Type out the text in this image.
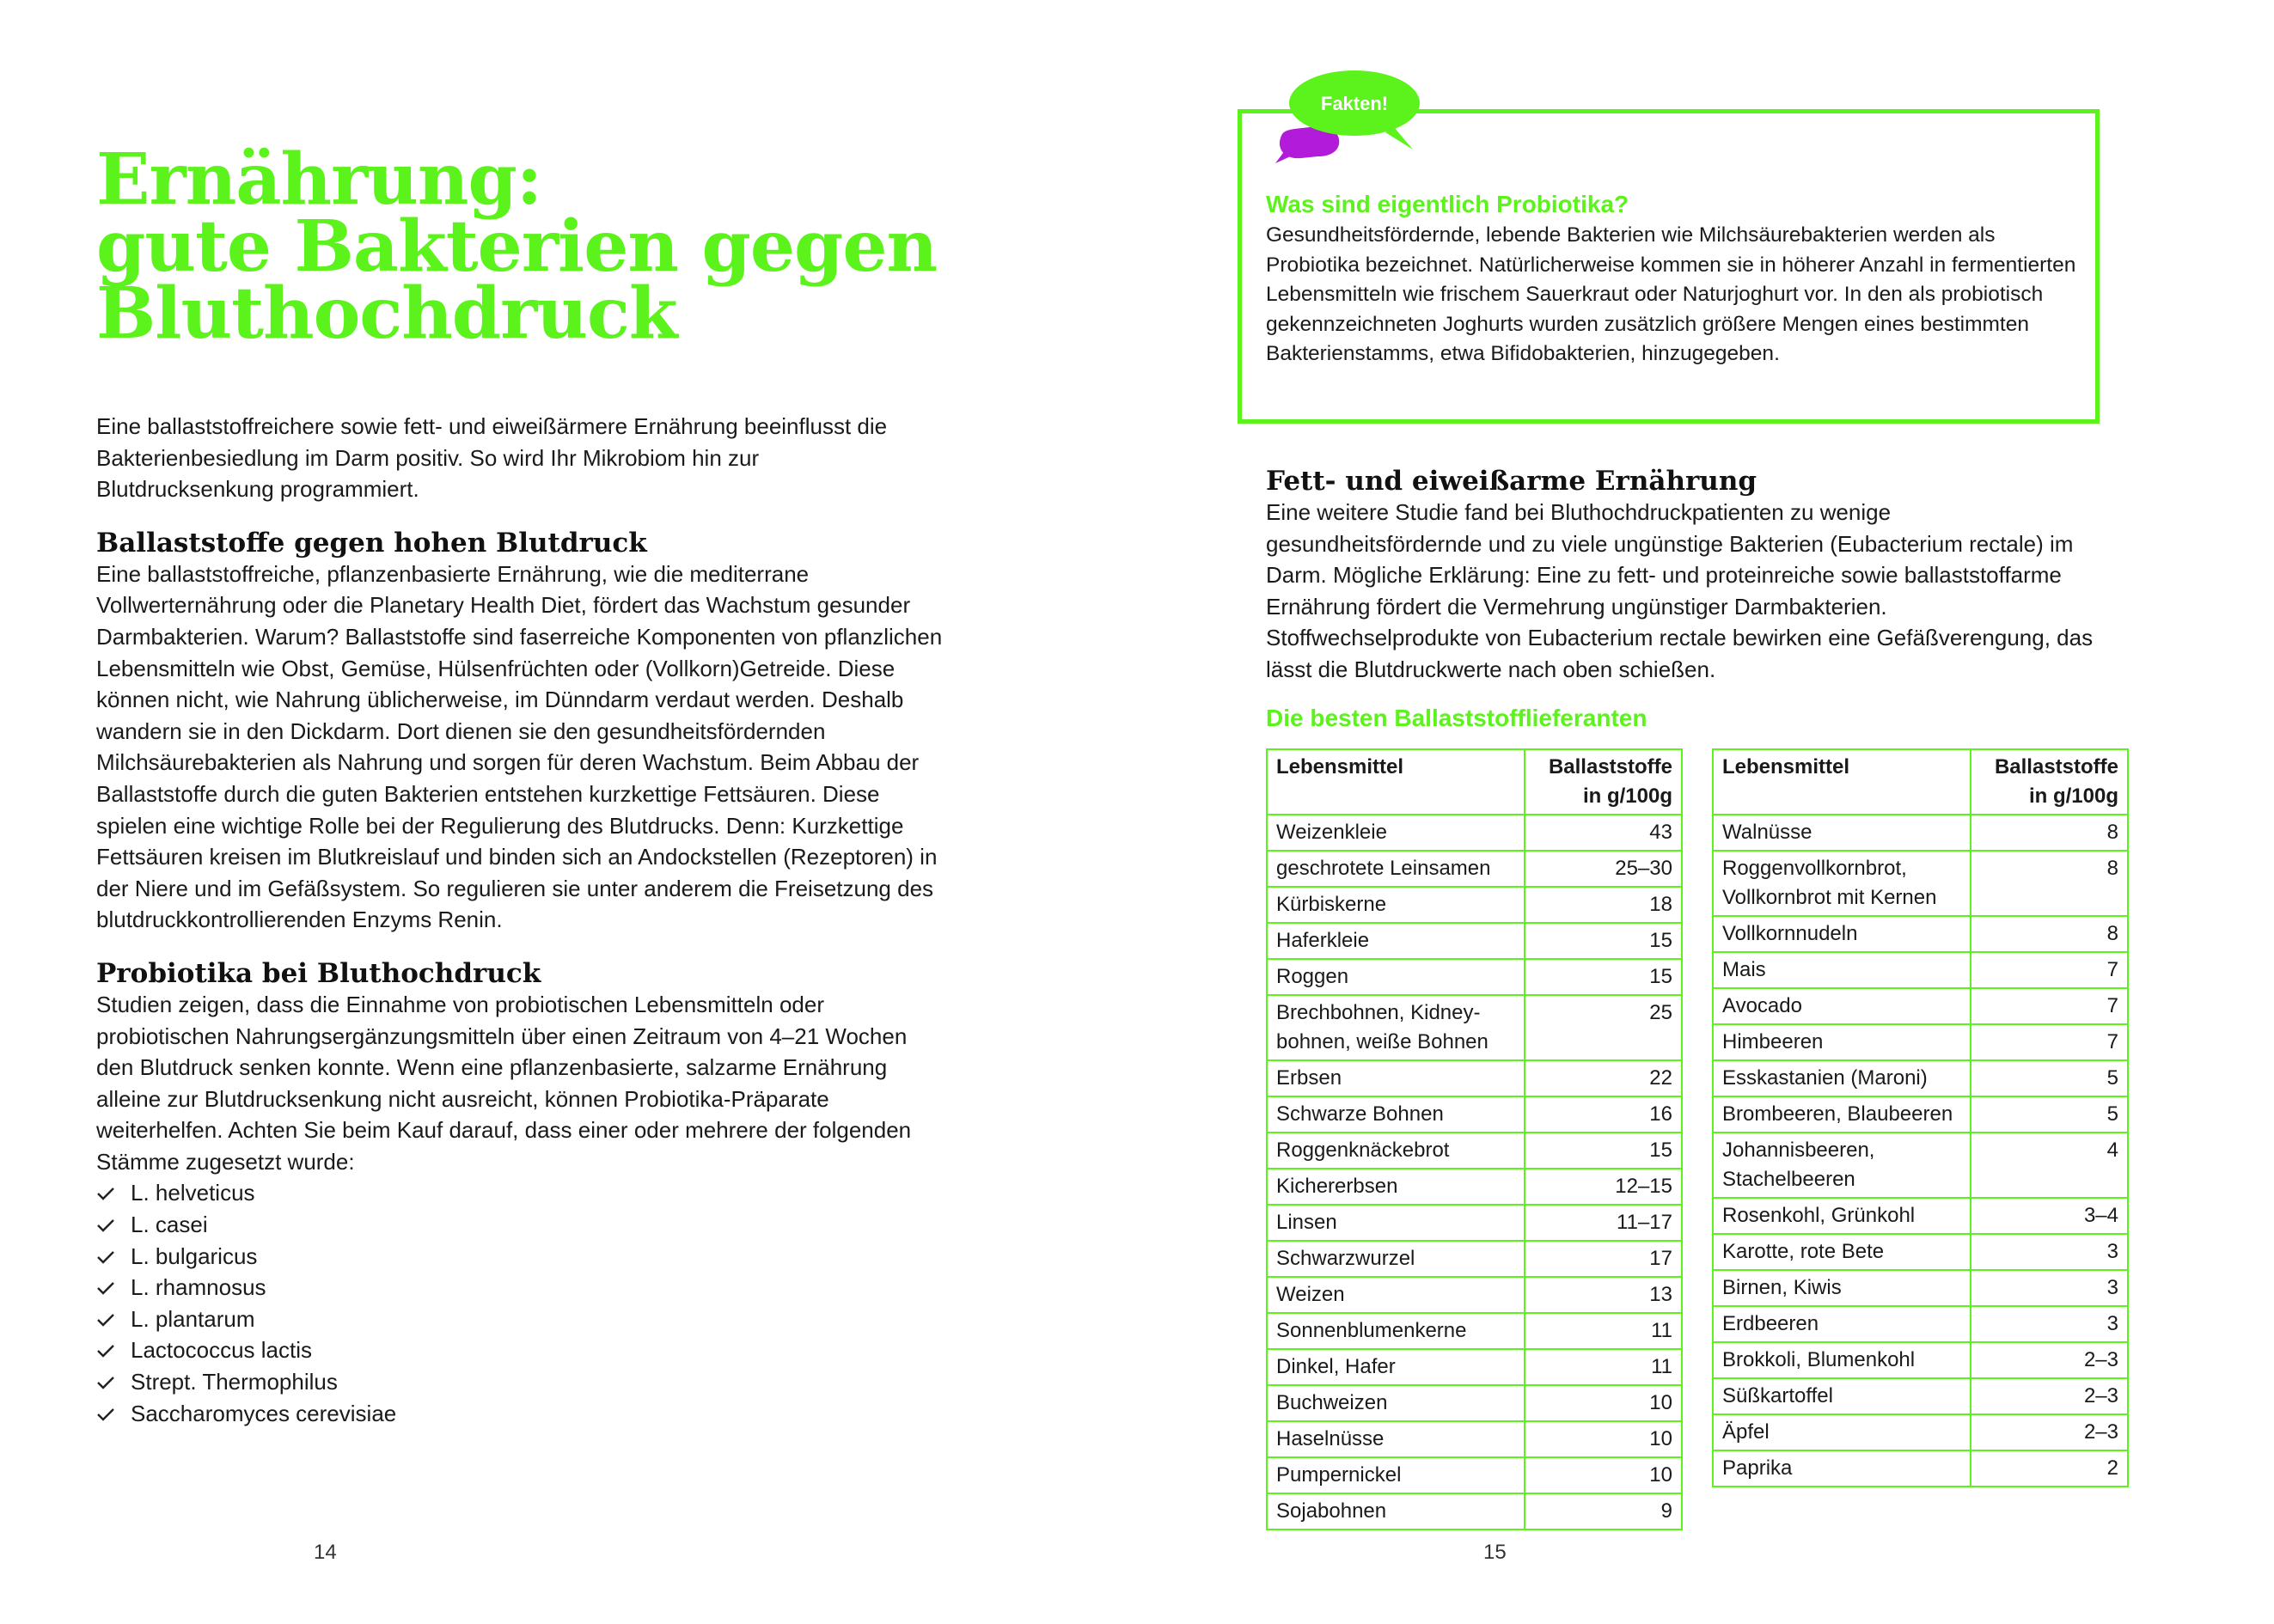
Ernährung:
gute Bakterien gegen
Bluthochdruck

Eine ballaststoffreichere sowie fett- und eiweißärmere Ernährung beeinflusst die Bakterienbesiedlung im Darm positiv. So wird Ihr Mikrobiom hin zur Blutdrucksenkung programmiert.

Ballaststoffe gegen hohen Blutdruck

Eine ballaststoffreiche, pflanzenbasierte Ernährung, wie die mediterrane Vollwerternährung oder die Planetary Health Diet, fördert das Wachstum gesunder Darmbakterien. Warum? Ballaststoffe sind faserreiche Komponenten von pflanzlichen Lebensmitteln wie Obst, Gemüse, Hülsenfrüchten oder (Vollkorn)Getreide. Diese können nicht, wie Nahrung üblicherweise, im Dünndarm verdaut werden. Deshalb wandern sie in den Dickdarm. Dort dienen sie den gesundheitsfördernden Milchsäurebakterien als Nahrung und sorgen für deren Wachstum. Beim Abbau der Ballaststoffe durch die guten Bakterien entstehen kurzkettige Fettsäuren. Diese spielen eine wichtige Rolle bei der Regulierung des Blutdrucks. Denn: Kurzkettige Fettsäuren kreisen im Blutkreislauf und binden sich an Andockstellen (Rezeptoren) in der Niere und im Gefäßsystem. So regulieren sie unter anderem die Freisetzung des blutdruckkontrollierenden Enzyms Renin.

Probiotika bei Bluthochdruck

Studien zeigen, dass die Einnahme von probiotischen Lebensmitteln oder probiotischen Nahrungsergänzungsmitteln über einen Zeitraum von 4–21 Wochen den Blutdruck senken konnte. Wenn eine pflanzenbasierte, salzarme Ernährung alleine zur Blutdrucksenkung nicht ausreicht, können Probiotika-Präparate weiterhelfen. Achten Sie beim Kauf darauf, dass einer oder mehrere der folgenden Stämme zugesetzt wurde:

L. helveticus
L. casei
L. bulgaricus
L. rhamnosus
L. plantarum
Lactococcus lactis
Strept. Thermophilus
Saccharomyces cerevisiae
14
Fakten!
Was sind eigentlich Probiotika?

Gesundheitsfördernde, lebende Bakterien wie Milchsäurebakterien werden als Probiotika bezeichnet. Natürlicherweise kommen sie in höherer Anzahl in fermentierten Lebensmitteln wie frischem Sauerkraut oder Naturjoghurt vor. In den als probiotisch gekennzeichneten Joghurts wurden zusätzlich größere Mengen eines bestimmten Bakterienstamms, etwa Bifidobakterien, hinzugegeben.

Fett- und eiweißarme Ernährung

Eine weitere Studie fand bei Bluthochdruckpatienten zu wenige gesundheitsfördernde und zu viele ungünstige Bakterien (Eubacterium rectale) im Darm. Mögliche Erklärung: Eine zu fett- und proteinreiche sowie ballaststoffarme Ernährung fördert die Vermehrung ungünstiger Darmbakterien. Stoffwechselprodukte von Eubacterium rectale bewirken eine Gefäßverengung, das lässt die Blutdruckwerte nach oben schießen.

Die besten Ballaststofflieferanten
Lebensmittel	Ballaststoffe
in g/100g

Weizenkleie	43
geschrotete Leinsamen	25–30
Kürbiskerne	18
Haferkleie	15
Roggen	15
Brechbohnen, Kidney-
bohnen, weiße Bohnen	25
Erbsen	22
Schwarze Bohnen	16
Roggenknäckebrot	15
Kichererbsen	12–15
Linsen	11–17
Schwarzwurzel	17
Weizen	13
Sonnenblumenkerne	11
Dinkel, Hafer	11
Buchweizen	10
Haselnüsse	10
Pumpernickel	10
Sojabohnen	9
Lebensmittel	Ballaststoffe
in g/100g

Walnüsse	8
Roggenvollkornbrot,
Vollkornbrot mit Kernen	8
Vollkornnudeln	8
Mais	7
Avocado	7
Himbeeren	7
Esskastanien (Maroni)	5
Brombeeren, Blaubeeren	5
Johannisbeeren,
Stachelbeeren	4
Rosenkohl, Grünkohl	3–4
Karotte, rote Bete	3
Birnen, Kiwis	3
Erdbeeren	3
Brokkoli, Blumenkohl	2–3
Süßkartoffel	2–3
Äpfel	2–3
Paprika	2
15
